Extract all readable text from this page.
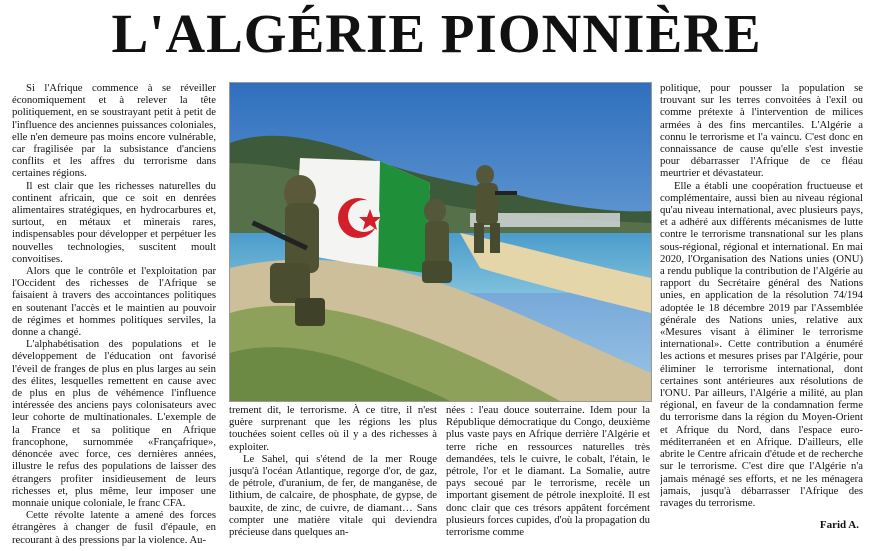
L'ALGÉRIE PIONNIÈRE

Si l'Afrique commence à se réveiller économiquement et à relever la tête politiquement, en se soustrayant petit à petit de l'influence des anciennes puissances coloniales, elle n'en demeure pas moins encore vulnérable, car fragilisée par la subsistance d'anciens conflits et les affres du terrorisme dans certaines régions.

Il est clair que les richesses naturelles du continent africain, que ce soit en denrées alimentaires stratégiques, en hydrocarbures et, surtout, en métaux et minerais rares, indispensables pour développer et perpétuer les nouvelles technologies, suscitent moult convoitises.

Alors que le contrôle et l'exploitation par l'Occident des richesses de l'Afrique se faisaient à travers des accointances politiques en soutenant l'accès et le maintien au pouvoir de régimes et hommes politiques serviles, la donne a changé.

L'alphabétisation des populations et le développement de l'éducation ont favorisé l'éveil de franges de plus en plus larges au sein des élites, lesquelles remettent en cause avec de plus en plus de véhémence l'influence intéressée des anciens pays colonisateurs avec leur cohorte de multinationales. L'exemple de la France et sa politique en Afrique francophone, surnommée «Françafrique», dénoncée avec force, ces dernières années, illustre le refus des populations de laisser des étrangers profiter insidieusement de leurs richesses et, plus même, leur imposer une monnaie unique coloniale, le franc CFA.

Cette révolte latente a amené des forces étrangères à changer de fusil d'épaule, en recourant à des pressions par la violence. Au-

trement dit, le terrorisme. À ce titre, il n'est guère surprenant que les régions les plus touchées soient celles où il y a des richesses à exploiter.

Le Sahel, qui s'étend de la mer Rouge jusqu'à l'océan Atlantique, regorge d'or, de gaz, de pétrole, d'uranium, de fer, de manganèse, de lithium, de calcaire, de phosphate, de gypse, de bauxite, de zinc, de cuivre, de diamant… Sans compter une matière vitale qui deviendra précieuse dans quelques an-

nées : l'eau douce souterraine. Idem pour la République démocratique du Congo, deuxième plus vaste pays en Afrique derrière l'Algérie et terre riche en ressources naturelles très demandées, tels le cuivre, le cobalt, l'étain, le pétrole, l'or et le diamant. La Somalie, autre pays secoué par le terrorisme, recèle un important gisement de pétrole inexploité. Il est donc clair que ces trésors appâtent forcément plusieurs forces cupides, d'où la propagation du terrorisme comme

politique, pour pousser la population se trouvant sur les terres convoitées à l'exil ou comme prétexte à l'intervention de milices armées à des fins mercantiles. L'Algérie a connu le terrorisme et l'a vaincu. C'est donc en connaissance de cause qu'elle s'est investie pour débarrasser l'Afrique de ce fléau meurtrier et dévastateur.

Elle a établi une coopération fructueuse et complémentaire, aussi bien au niveau régional qu'au niveau international, avec plusieurs pays, et a adhéré aux différents mécanismes de lutte contre le terrorisme transnational sur les plans sous-régional, régional et international. En mai 2020, l'Organisation des Nations unies (ONU) a rendu publique la contribution de l'Algérie au rapport du Secrétaire général des Nations unies, en application de la résolution 74/194 adoptée le 18 décembre 2019 par l'Assemblée générale des Nations unies, relative aux «Mesures visant à éliminer le terrorisme international». Cette contribution a énuméré les actions et mesures prises par l'Algérie, pour éliminer le terrorisme international, dont certaines sont antérieures aux résolutions de l'ONU. Par ailleurs, l'Algérie a milité, au plan régional, en faveur de la condamnation ferme du terrorisme dans la région du Moyen-Orient et Afrique du Nord, dans l'espace euro-méditerranéen et en Afrique. D'ailleurs, elle abrite le Centre africain d'étude et de recherche sur le terrorisme. C'est dire que l'Algérie n'a jamais ménagé ses efforts, et ne les ménagera jamais, jusqu'à débarrasser l'Afrique des ravages du terrorisme.

Farid A.
